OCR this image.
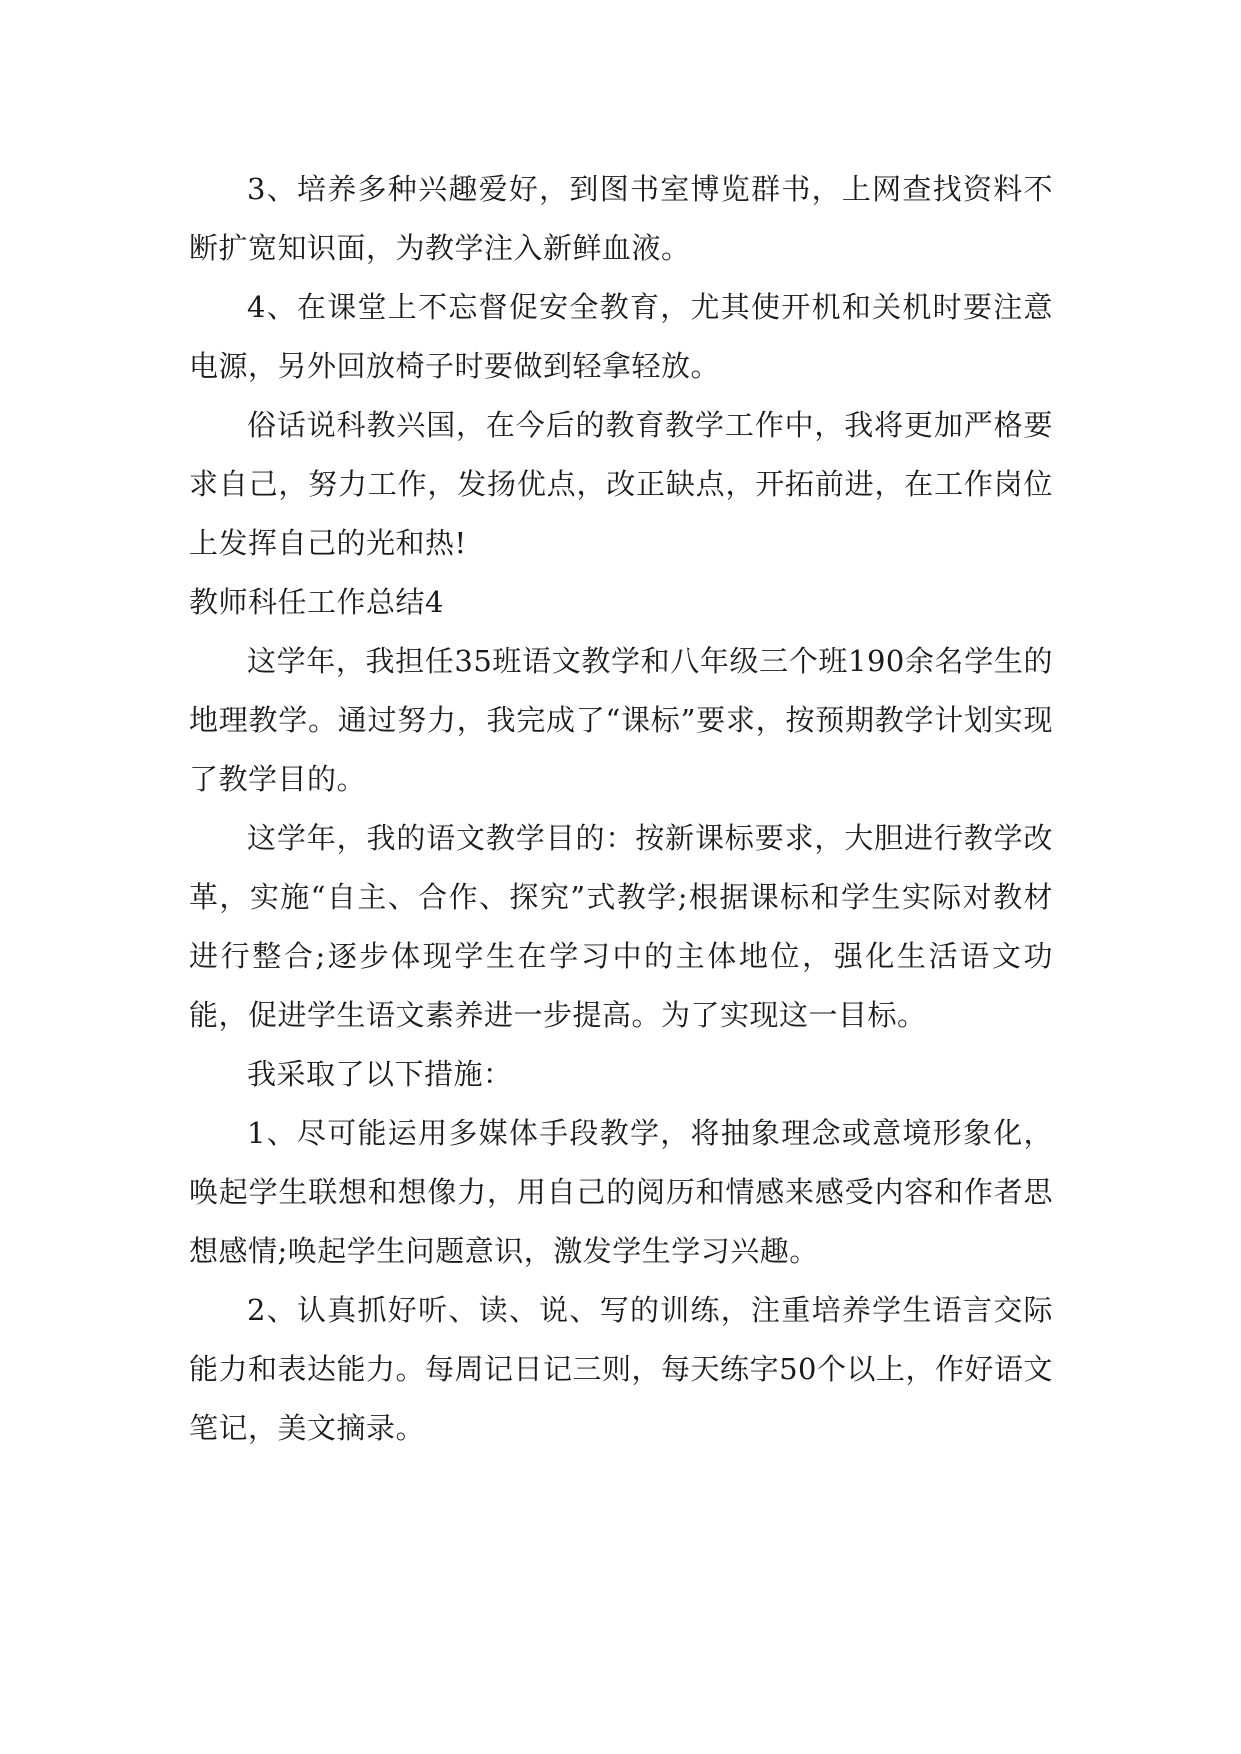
3、培养多种兴趣爱好，到图书室博览群书，上网查找资料不断扩宽知识面，为教学注入新鲜血液。

4、在课堂上不忘督促安全教育，尤其使开机和关机时要注意电源，另外回放椅子时要做到轻拿轻放。

俗话说科教兴国，在今后的教育教学工作中，我将更加严格要求自己，努力工作，发扬优点，改正缺点，开拓前进，在工作岗位上发挥自己的光和热!

教师科任工作总结4

这学年，我担任35班语文教学和八年级三个班190余名学生的地理教学。通过努力，我完成了“课标”要求，按预期教学计划实现了教学目的。

这学年，我的语文教学目的：按新课标要求，大胆进行教学改革，实施“自主、合作、探究”式教学;根据课标和学生实际对教材进行整合;逐步体现学生在学习中的主体地位，强化生活语文功能，促进学生语文素养进一步提高。为了实现这一目标。

我采取了以下措施：

1、尽可能运用多媒体手段教学，将抽象理念或意境形象化，唤起学生联想和想像力，用自己的阅历和情感来感受内容和作者思想感情;唤起学生问题意识，激发学生学习兴趣。

2、认真抓好听、读、说、写的训练，注重培养学生语言交际能力和表达能力。每周记日记三则，每天练字50个以上，作好语文笔记，美文摘录。
